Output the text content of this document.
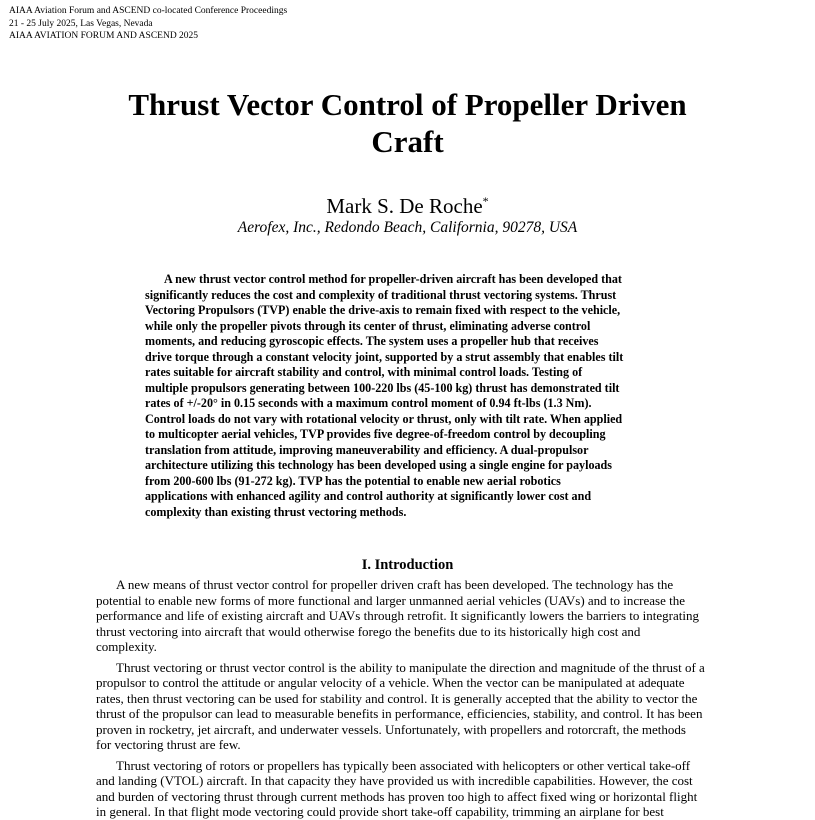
AIAA Aviation Forum and ASCEND co-located Conference Proceedings
21 - 25 July 2025, Las Vegas, Nevada
AIAA AVIATION FORUM AND ASCEND 2025
Thrust Vector Control of Propeller Driven
Craft
Mark S. De Roche*
Aerofex, Inc., Redondo Beach, California, 90278, USA
A new thrust vector control method for propeller-driven aircraft has been developed that
significantly reduces the cost and complexity of traditional thrust vectoring systems. Thrust
Vectoring Propulsors (TVP) enable the drive-axis to remain fixed with respect to the vehicle,
while only the propeller pivots through its center of thrust, eliminating adverse control
moments, and reducing gyroscopic effects. The system uses a propeller hub that receives
drive torque through a constant velocity joint, supported by a strut assembly that enables tilt
rates suitable for aircraft stability and control, with minimal control loads. Testing of
multiple propulsors generating between 100-220 lbs (45-100 kg) thrust has demonstrated tilt
rates of +/-20° in 0.15 seconds with a maximum control moment of 0.94 ft-lbs (1.3 Nm).
Control loads do not vary with rotational velocity or thrust, only with tilt rate. When applied
to multicopter aerial vehicles, TVP provides five degree-of-freedom control by decoupling
translation from attitude, improving maneuverability and efficiency. A dual-propulsor
architecture utilizing this technology has been developed using a single engine for payloads
from 200-600 lbs (91-272 kg). TVP has the potential to enable new aerial robotics
applications with enhanced agility and control authority at significantly lower cost and
complexity than existing thrust vectoring methods.
I. Introduction
A new means of thrust vector control for propeller driven craft has been developed. The technology has the
potential to enable new forms of more functional and larger unmanned aerial vehicles (UAVs) and to increase the
performance and life of existing aircraft and UAVs through retrofit. It significantly lowers the barriers to integrating
thrust vectoring into aircraft that would otherwise forego the benefits due to its historically high cost and
complexity.
Thrust vectoring or thrust vector control is the ability to manipulate the direction and magnitude of the thrust of a
propulsor to control the attitude or angular velocity of a vehicle. When the vector can be manipulated at adequate
rates, then thrust vectoring can be used for stability and control. It is generally accepted that the ability to vector the
thrust of the propulsor can lead to measurable benefits in performance, efficiencies, stability, and control. It has been
proven in rocketry, jet aircraft, and underwater vessels. Unfortunately, with propellers and rotorcraft, the methods
for vectoring thrust are few.
Thrust vectoring of rotors or propellers has typically been associated with helicopters or other vertical take-off
and landing (VTOL) aircraft. In that capacity they have provided us with incredible capabilities. However, the cost
and burden of vectoring thrust through current methods has proven too high to affect fixed wing or horizontal flight
in general. In that flight mode vectoring could provide short take-off capability, trimming an airplane for best
